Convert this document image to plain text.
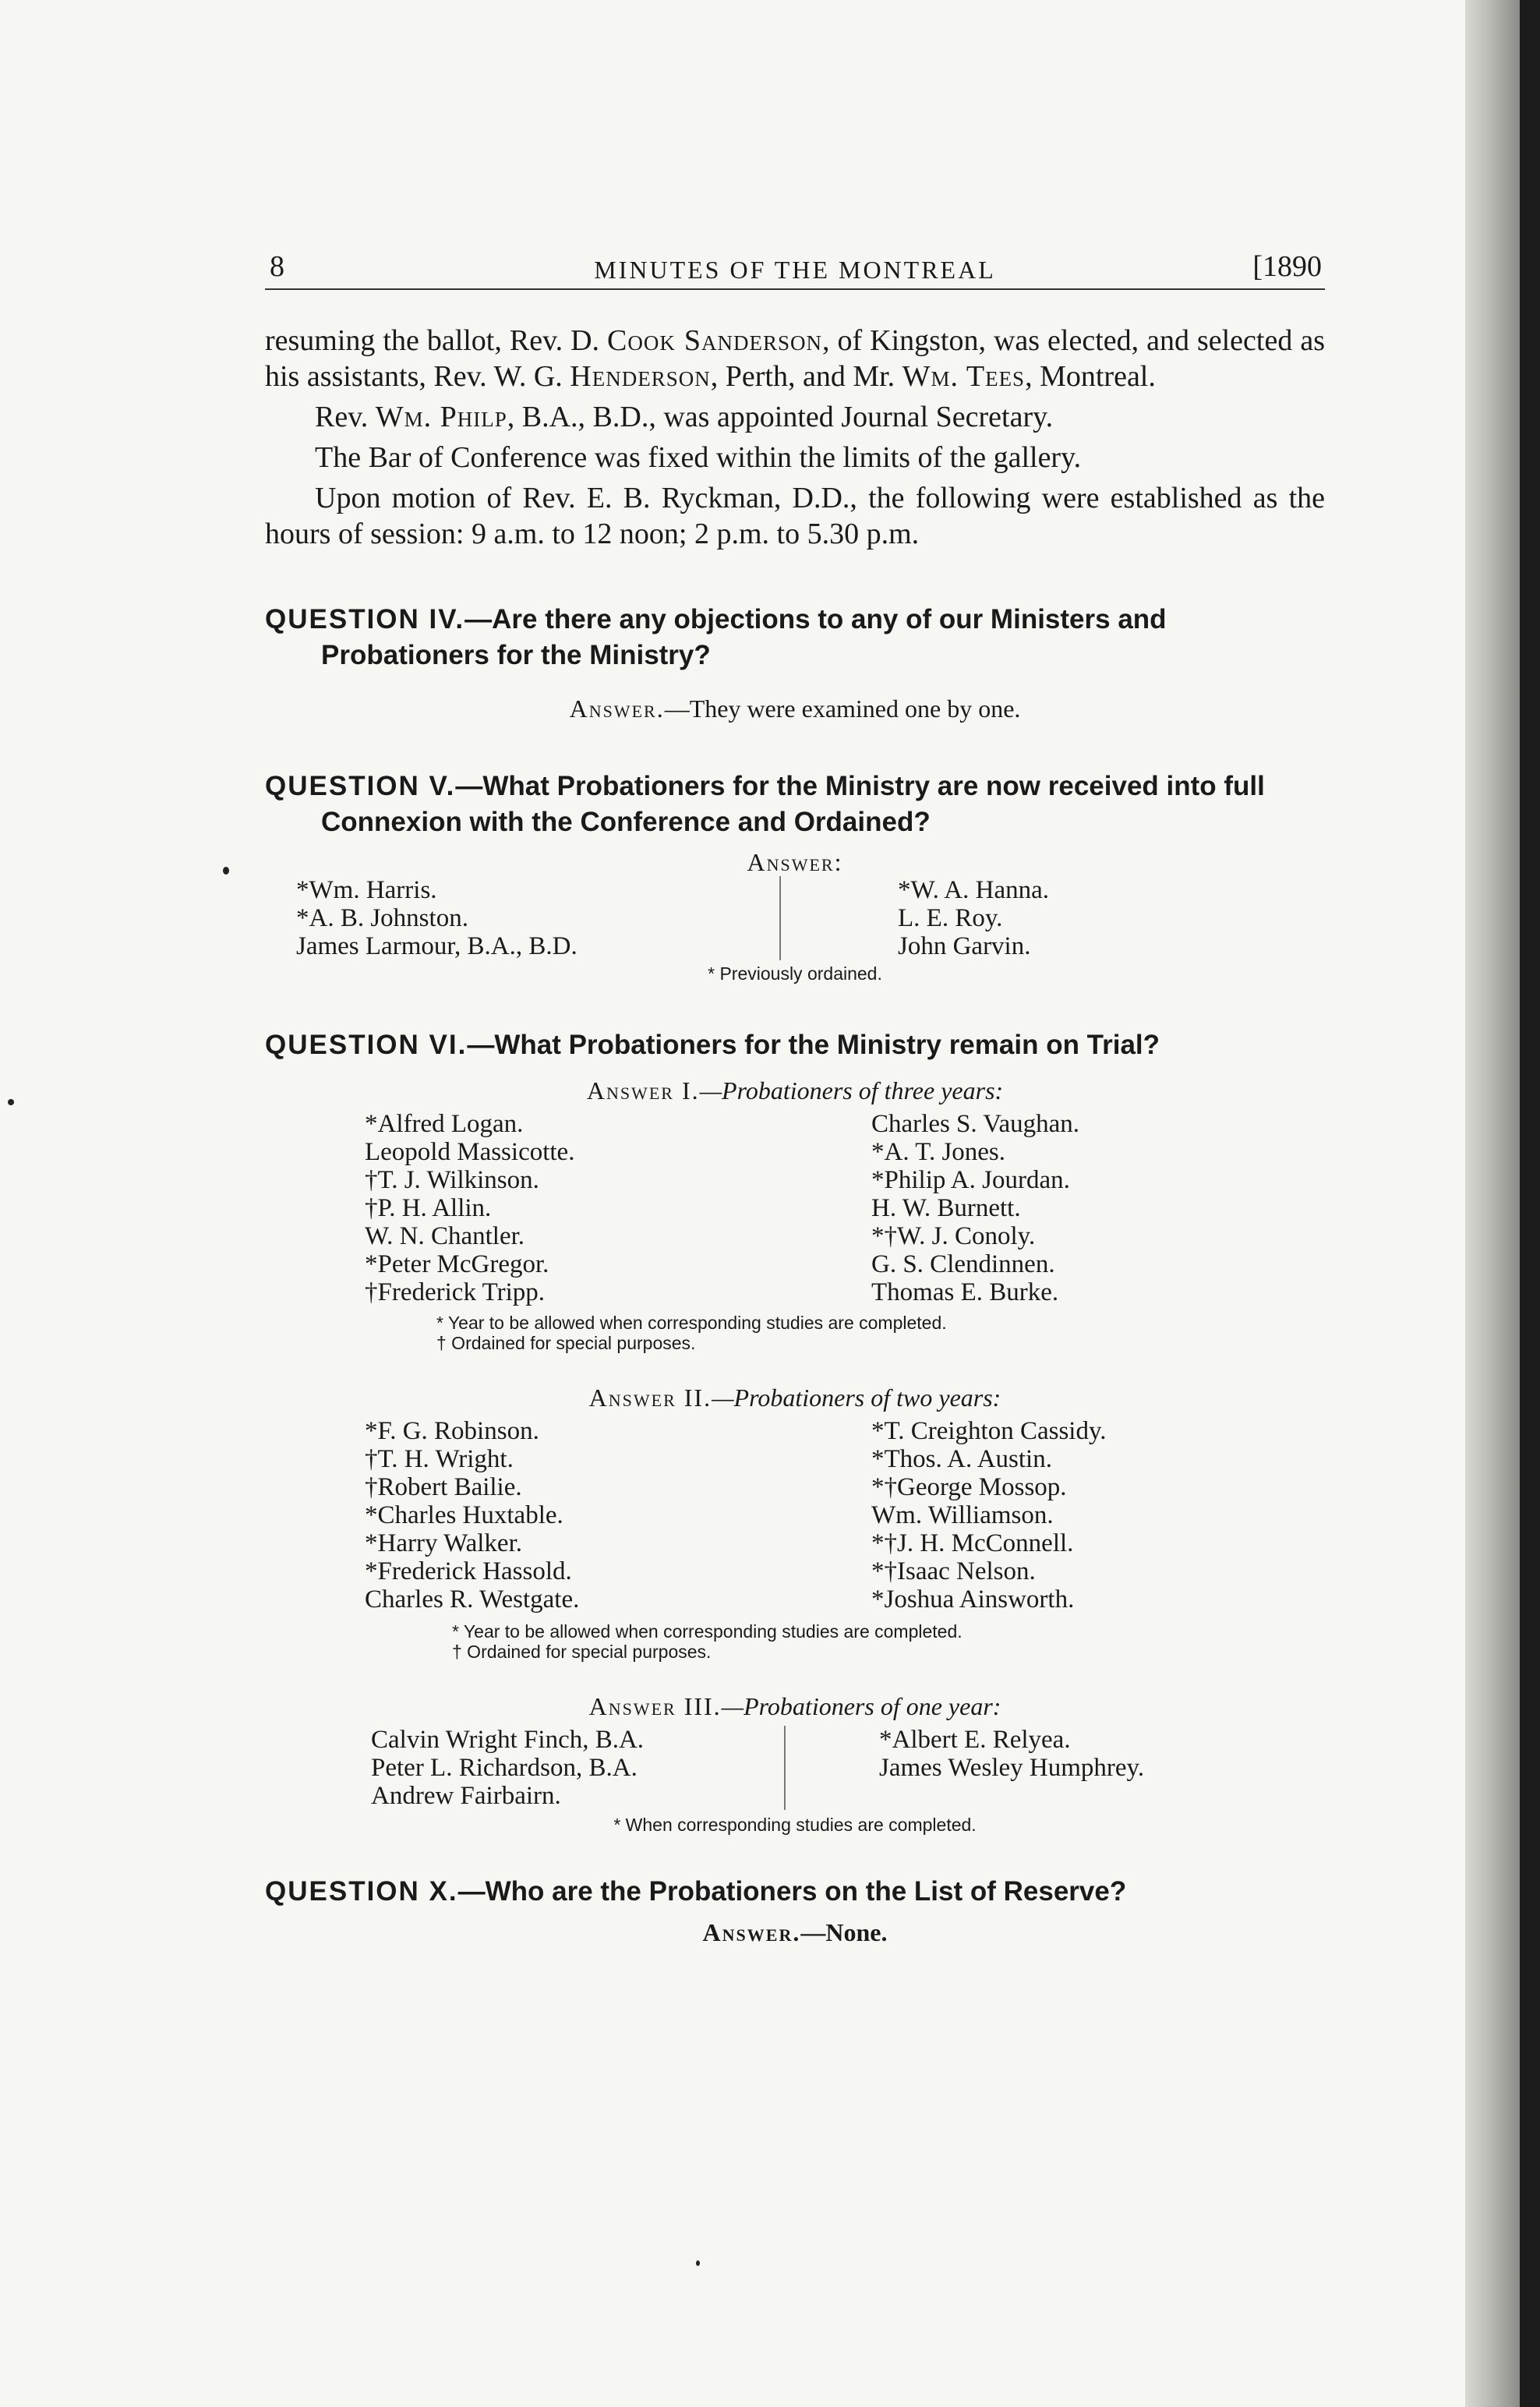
8	MINUTES OF THE MONTREAL	[1890

resuming the ballot, Rev. D. Cook Sanderson, of Kingston, was elected, and selected as his assistants, Rev. W. G. Henderson, Perth, and Mr. Wm. Tees, Montreal.

Rev. Wm. Philp, B.A., B.D., was appointed Journal Secretary.

The Bar of Conference was fixed within the limits of the gallery.

Upon motion of Rev. E. B. Ryckman, D.D., the following were established as the hours of session: 9 a.m. to 12 noon; 2 p.m. to 5.30 p.m.

QUESTION IV.—Are there any objections to any of our Ministers and Probationers for the Ministry?
Answer.—They were examined one by one.
QUESTION V.—What Probationers for the Ministry are now received into full Connexion with the Conference and Ordained?
Answer:
*Wm. Harris.
*A. B. Johnston.
James Larmour, B.A., B.D.
*W. A. Hanna.
L. E. Roy.
John Garvin.
* Previously ordained.
QUESTION VI.—What Probationers for the Ministry remain on Trial?
Answer I.—Probationers of three years:
*Alfred Logan.
Leopold Massicotte.
†T. J. Wilkinson.
†P. H. Allin.
W. N. Chantler.
*Peter McGregor.
†Frederick Tripp.
Charles S. Vaughan.
*A. T. Jones.
*Philip A. Jourdan.
H. W. Burnett.
*†W. J. Conoly.
G. S. Clendinnen.
Thomas E. Burke.
* Year to be allowed when corresponding studies are completed.
† Ordained for special purposes.
Answer II.—Probationers of two years:
*F. G. Robinson.
†T. H. Wright.
†Robert Bailie.
*Charles Huxtable.
*Harry Walker.
*Frederick Hassold.
Charles R. Westgate.
*T. Creighton Cassidy.
*Thos. A. Austin.
*†George Mossop.
Wm. Williamson.
*†J. H. McConnell.
*†Isaac Nelson.
*Joshua Ainsworth.
* Year to be allowed when corresponding studies are completed.
† Ordained for special purposes.
Answer III.—Probationers of one year:
Calvin Wright Finch, B.A.
Peter L. Richardson, B.A.
Andrew Fairbairn.
*Albert E. Relyea.
James Wesley Humphrey.
* When corresponding studies are completed.
QUESTION X.—Who are the Probationers on the List of Reserve?
Answer.—None.
